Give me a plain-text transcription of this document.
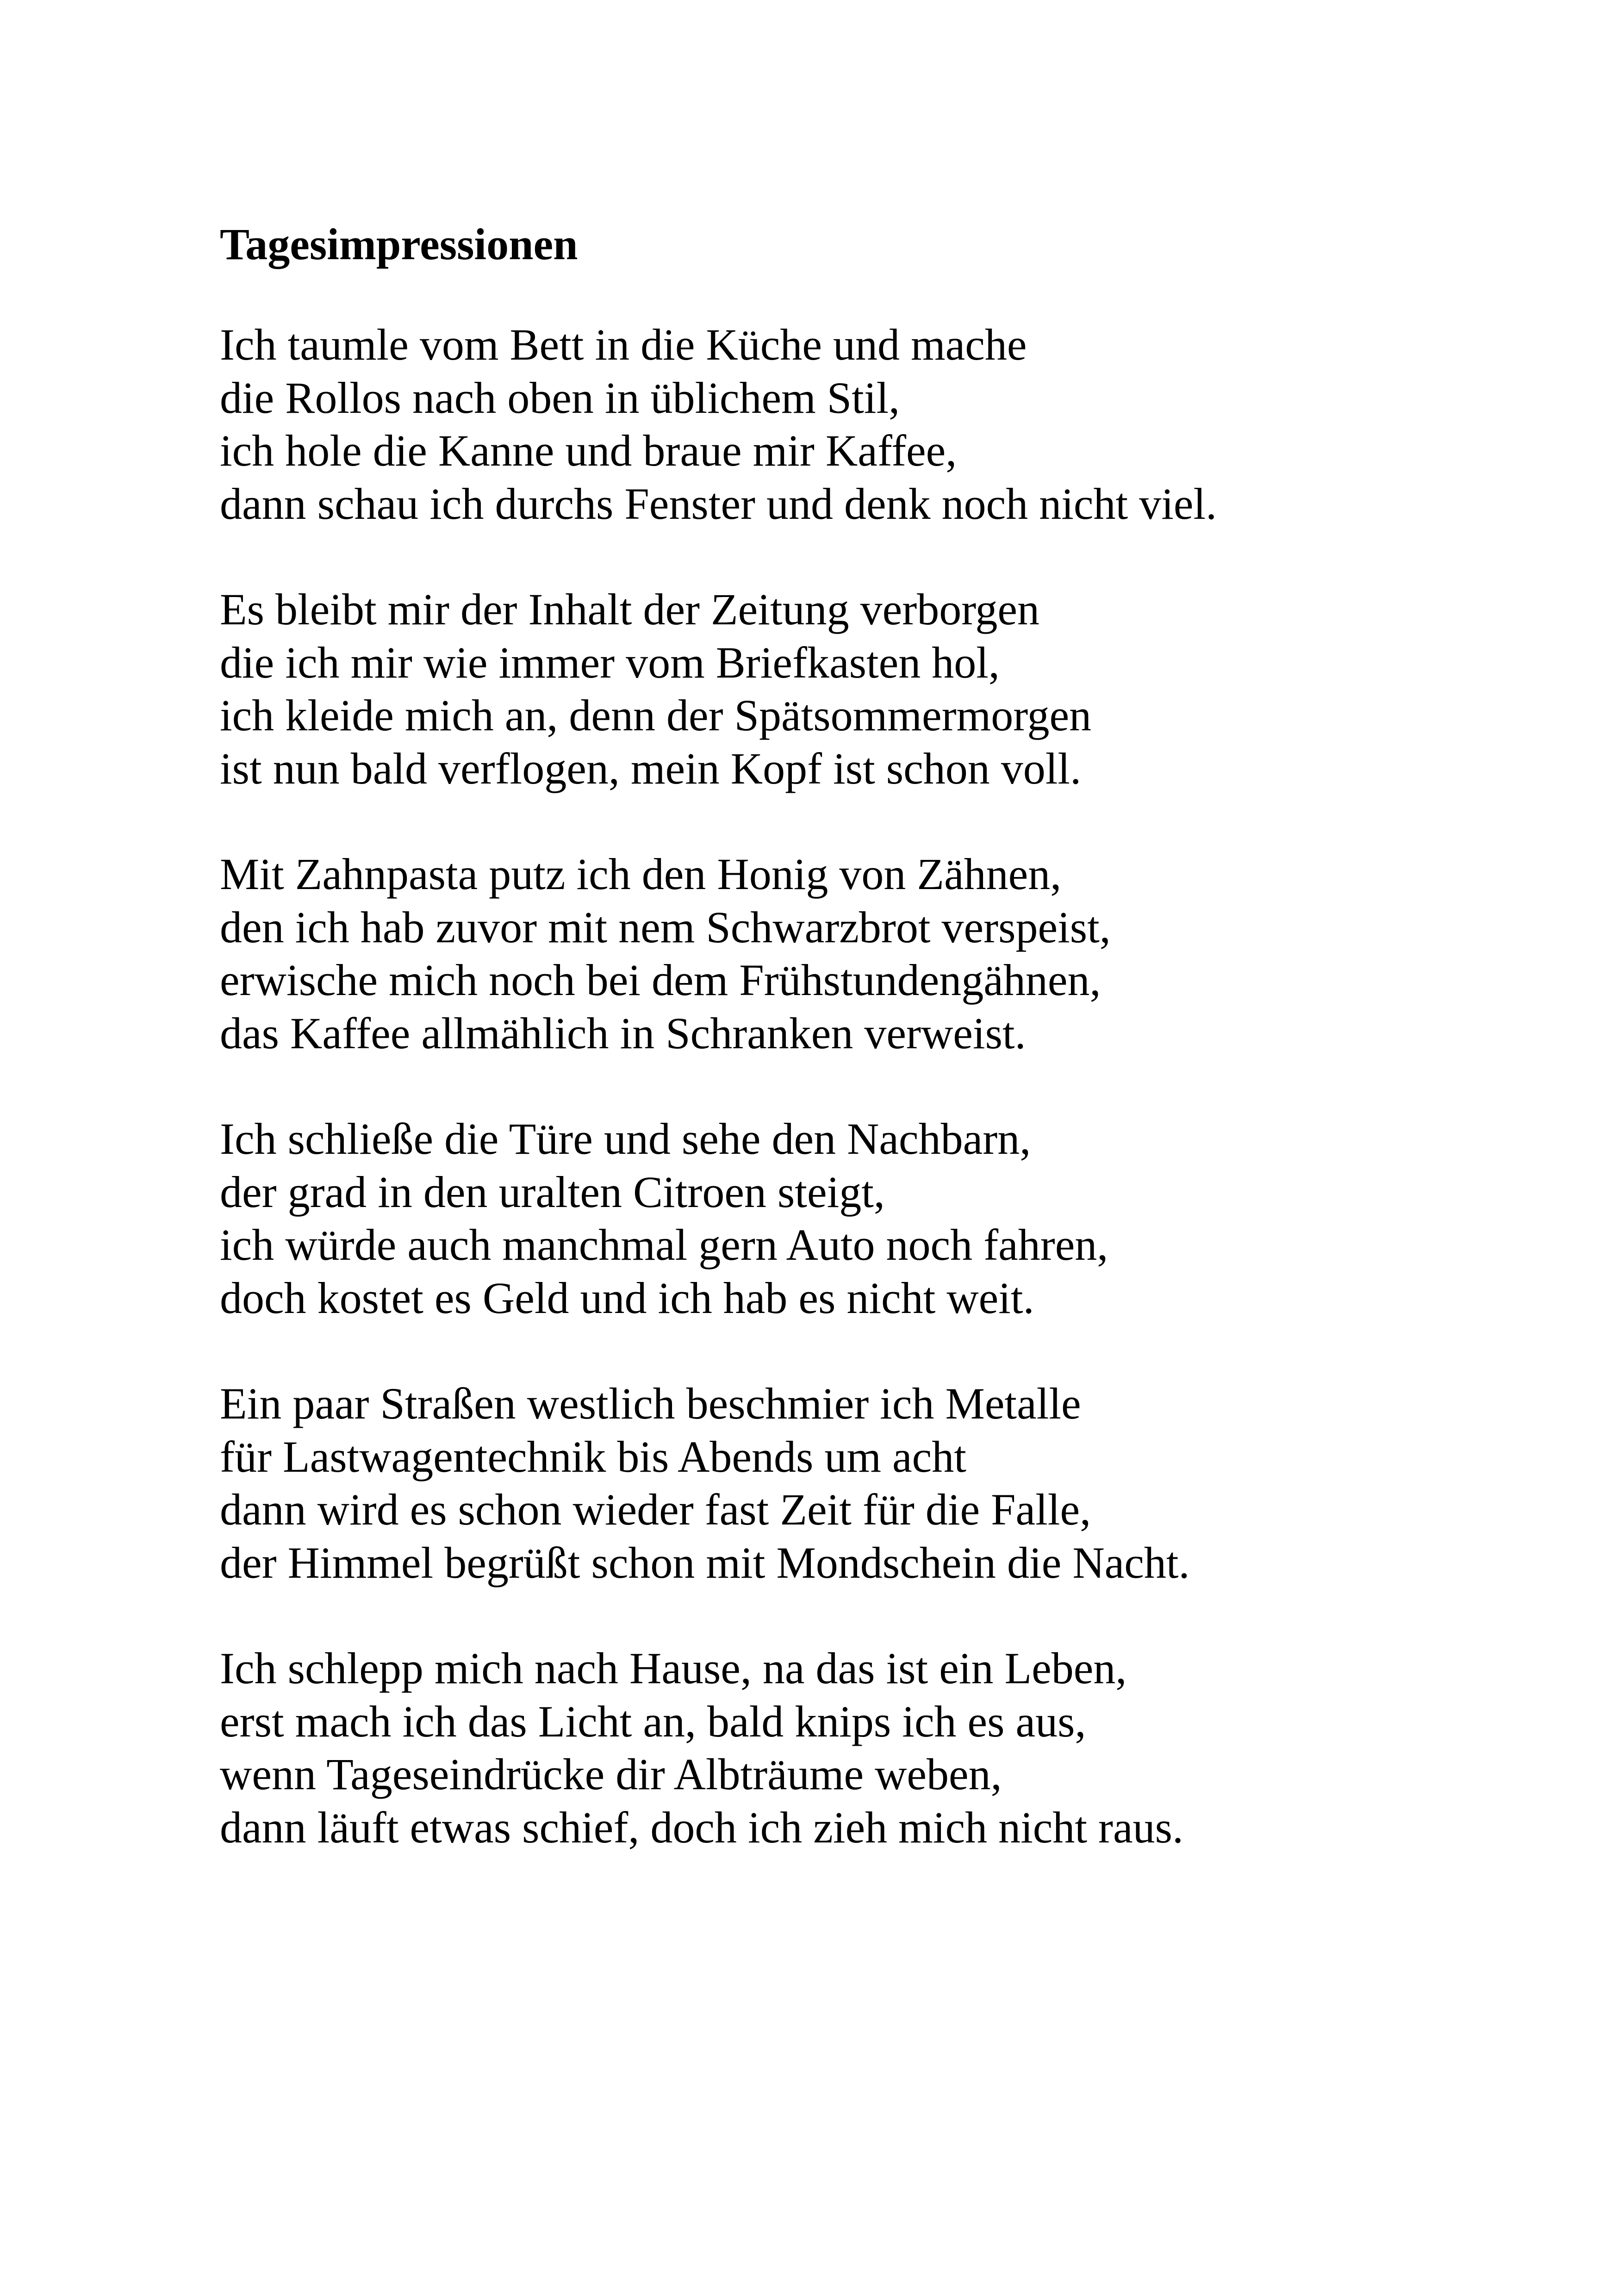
Tagesimpressionen
Ich taumle vom Bett in die Küche und mache
die Rollos nach oben in üblichem Stil,
ich hole die Kanne und braue mir Kaffee,
dann schau ich durchs Fenster und denk noch nicht viel.
Es bleibt mir der Inhalt der Zeitung verborgen
die ich mir wie immer vom Briefkasten hol,
ich kleide mich an, denn der Spätsommermorgen
ist nun bald verflogen, mein Kopf ist schon voll.
Mit Zahnpasta putz ich den Honig von Zähnen,
den ich hab zuvor mit nem Schwarzbrot verspeist,
erwische mich noch bei dem Frühstundengähnen,
das Kaffee allmählich in Schranken verweist.
Ich schließe die Türe und sehe den Nachbarn,
der grad in den uralten Citroen steigt,
ich würde auch manchmal gern Auto noch fahren,
doch kostet es Geld und ich hab es nicht weit.
Ein paar Straßen westlich beschmier ich Metalle
für Lastwagentechnik bis Abends um acht
dann wird es schon wieder fast Zeit für die Falle,
der Himmel begrüßt schon mit Mondschein die Nacht.
Ich schlepp mich nach Hause, na das ist ein Leben,
erst mach ich das Licht an, bald knips ich es aus,
wenn Tageseindrücke dir Albträume weben,
dann läuft etwas schief, doch ich zieh mich nicht raus.
